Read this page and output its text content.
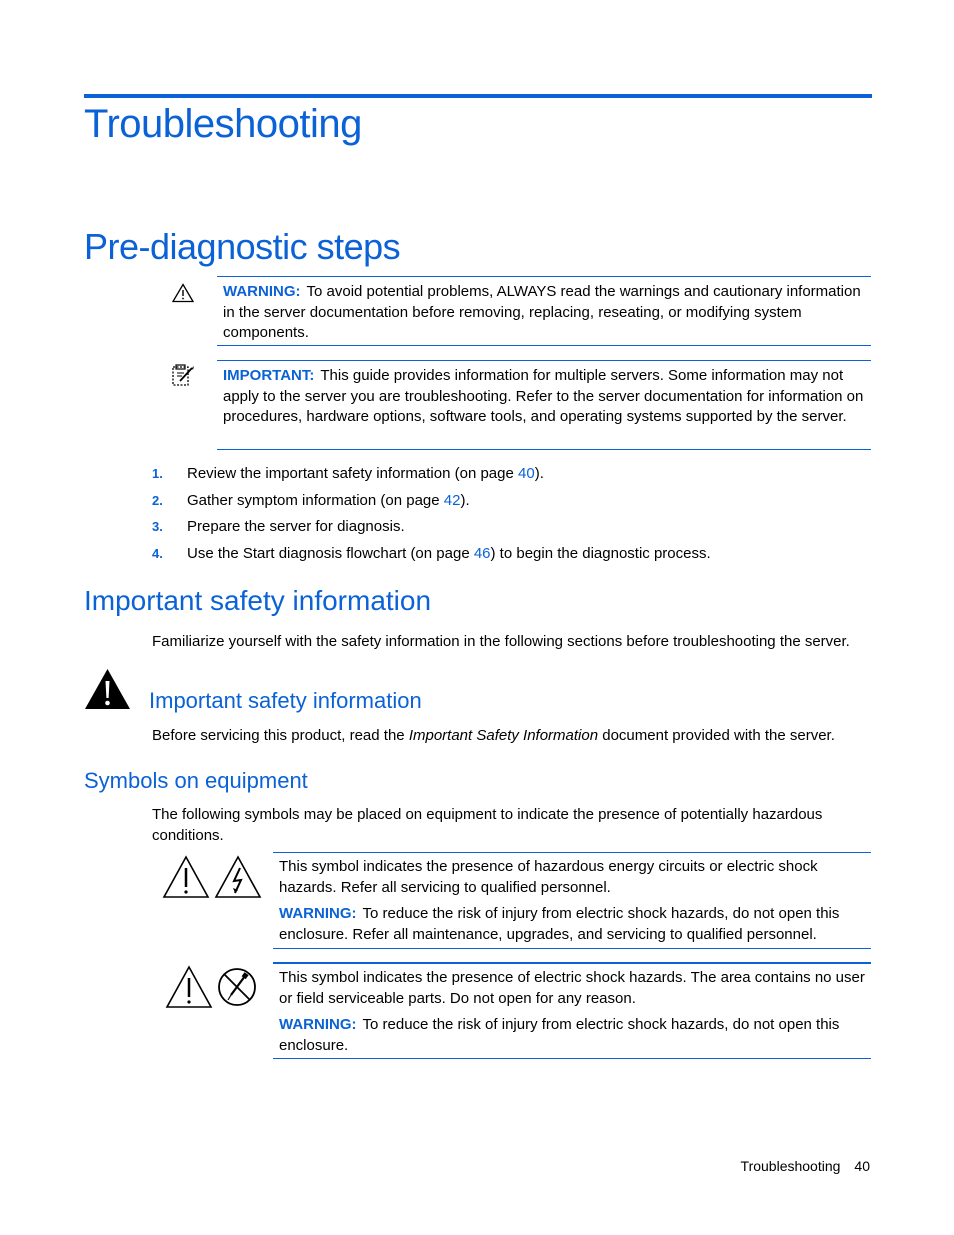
Troubleshooting
Pre-diagnostic steps
WARNING: To avoid potential problems, ALWAYS read the warnings and cautionary information in the server documentation before removing, replacing, reseating, or modifying system components.
IMPORTANT: This guide provides information for multiple servers. Some information may not apply to the server you are troubleshooting. Refer to the server documentation for information on procedures, hardware options, software tools, and operating systems supported by the server.
1. Review the important safety information (on page 40).
2. Gather symptom information (on page 42).
3. Prepare the server for diagnosis.
4. Use the Start diagnosis flowchart (on page 46) to begin the diagnostic process.
Important safety information

Familiarize yourself with the safety information in the following sections before troubleshooting the server.

Important safety information

Before servicing this product, read the Important Safety Information document provided with the server.

Symbols on equipment

The following symbols may be placed on equipment to indicate the presence of potentially hazardous conditions.

This symbol indicates the presence of hazardous energy circuits or electric shock hazards. Refer all servicing to qualified personnel.

WARNING: To reduce the risk of injury from electric shock hazards, do not open this enclosure. Refer all maintenance, upgrades, and servicing to qualified personnel.

This symbol indicates the presence of electric shock hazards. The area contains no user or field serviceable parts. Do not open for any reason.

WARNING: To reduce the risk of injury from electric shock hazards, do not open this enclosure.

Troubleshooting 40
